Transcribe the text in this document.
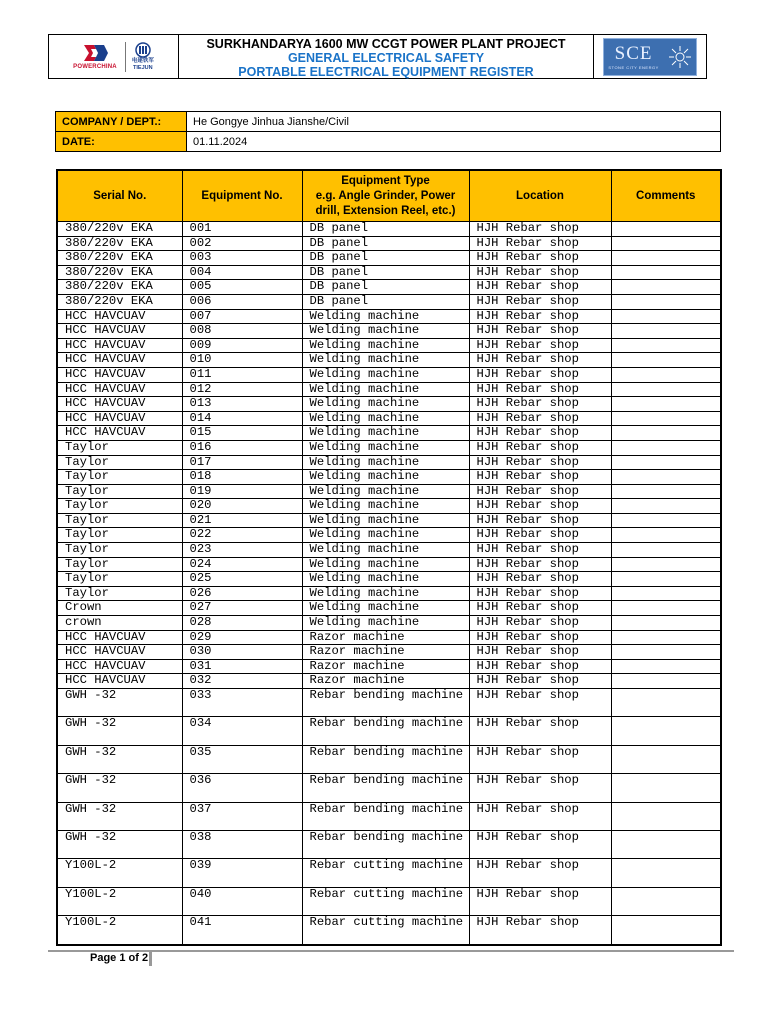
POWERCHINA
电建铁军
TIEJUN
SURKHANDARYA 1600 MW CCGT POWER PLANT PROJECT
GENERAL ELECTRICAL SAFETY
PORTABLE ELECTRICAL EQUIPMENT REGISTER
SCE
STONE CITY ENERGY
COMPANY / DEPT.:	He Gongye Jinhua Jianshe/Civil
DATE:	01.11.2024
Serial No.	Equipment No.	Equipment Type
e.g. Angle Grinder, Power
drill, Extension Reel, etc.)	Location	Comments
380/220v EKA	001	DB panel	HJH Rebar shop	
380/220v EKA	002	DB panel	HJH Rebar shop	
380/220v EKA	003	DB panel	HJH Rebar shop	
380/220v EKA	004	DB panel	HJH Rebar shop	
380/220v EKA	005	DB panel	HJH Rebar shop	
380/220v EKA	006	DB panel	HJH Rebar shop	
HCC HAVCUAV	007	Welding machine	HJH Rebar shop	
HCC HAVCUAV	008	Welding machine	HJH Rebar shop	
HCC HAVCUAV	009	Welding machine	HJH Rebar shop	
HCC HAVCUAV	010	Welding machine	HJH Rebar shop	
HCC HAVCUAV	011	Welding machine	HJH Rebar shop	
HCC HAVCUAV	012	Welding machine	HJH Rebar shop	
HCC HAVCUAV	013	Welding machine	HJH Rebar shop	
HCC HAVCUAV	014	Welding machine	HJH Rebar shop	
HCC HAVCUAV	015	Welding machine	HJH Rebar shop	
Taylor	016	Welding machine	HJH Rebar shop	
Taylor	017	Welding machine	HJH Rebar shop	
Taylor	018	Welding machine	HJH Rebar shop	
Taylor	019	Welding machine	HJH Rebar shop	
Taylor	020	Welding machine	HJH Rebar shop	
Taylor	021	Welding machine	HJH Rebar shop	
Taylor	022	Welding machine	HJH Rebar shop	
Taylor	023	Welding machine	HJH Rebar shop	
Taylor	024	Welding machine	HJH Rebar shop	
Taylor	025	Welding machine	HJH Rebar shop	
Taylor	026	Welding machine	HJH Rebar shop	
Crown	027	Welding machine	HJH Rebar shop	
crown	028	Welding machine	HJH Rebar shop	
HCC HAVCUAV	029	Razor machine	HJH Rebar shop	
HCC HAVCUAV	030	Razor machine	HJH Rebar shop	
HCC HAVCUAV	031	Razor machine	HJH Rebar shop	
HCC HAVCUAV	032	Razor machine	HJH Rebar shop	
GWH -32	033	Rebar bending machine	HJH Rebar shop	
GWH -32	034	Rebar bending machine	HJH Rebar shop	
GWH -32	035	Rebar bending machine	HJH Rebar shop	
GWH -32	036	Rebar bending machine	HJH Rebar shop	
GWH -32	037	Rebar bending machine	HJH Rebar shop	
GWH -32	038	Rebar bending machine	HJH Rebar shop	
Y100L-2	039	Rebar cutting machine	HJH Rebar shop	
Y100L-2	040	Rebar cutting machine	HJH Rebar shop	
Y100L-2	041	Rebar cutting machine	HJH Rebar shop	
Page 1 of 2
